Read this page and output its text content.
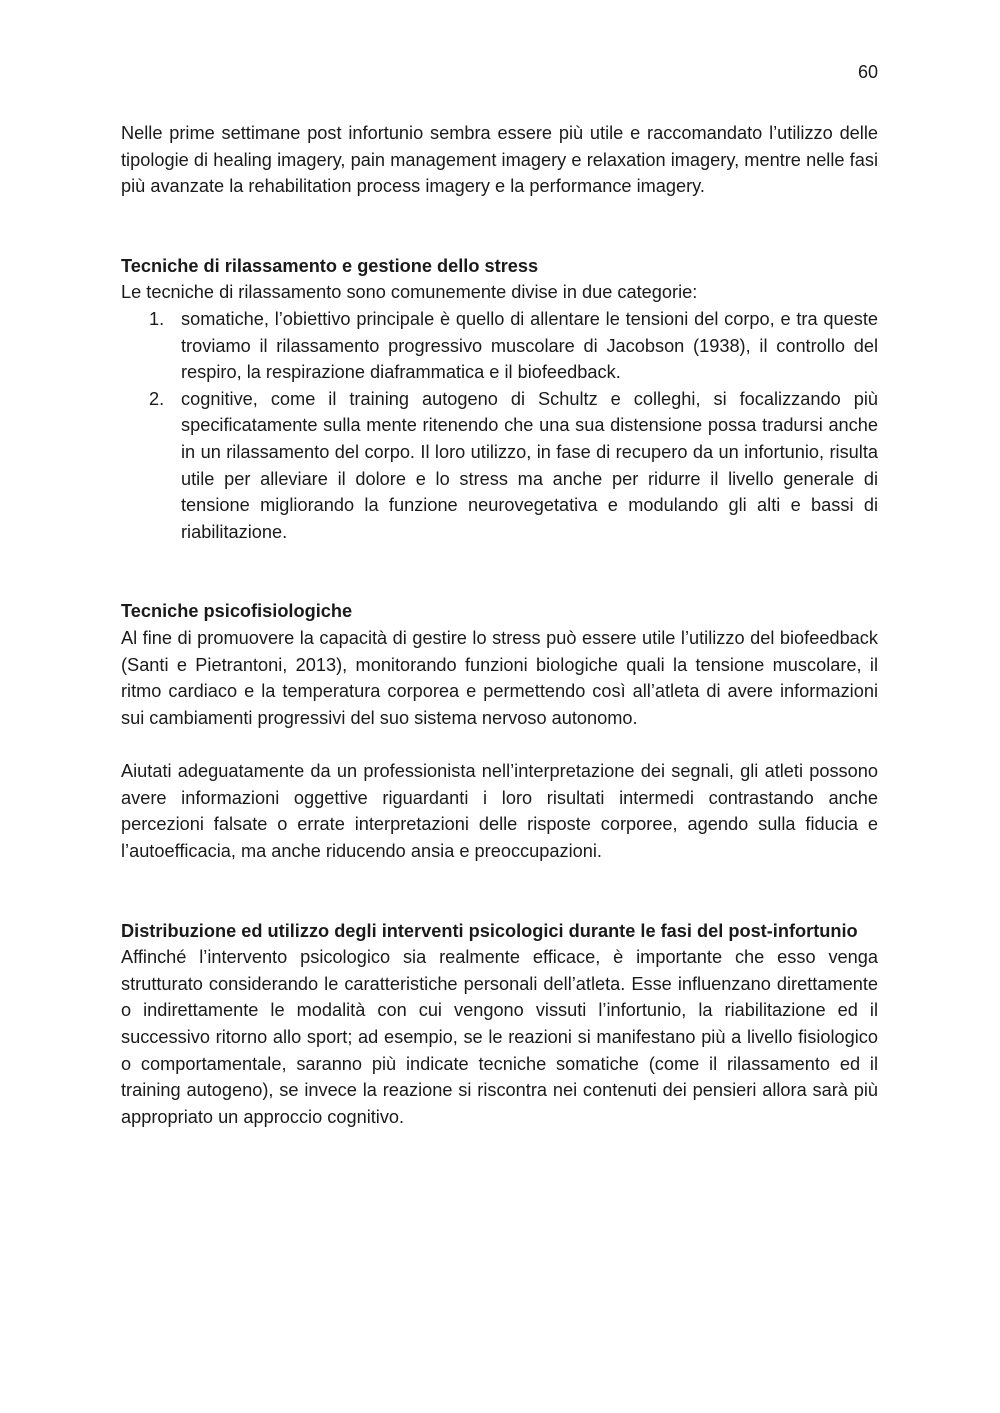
60

Nelle prime settimane post infortunio sembra essere più utile e raccomandato l’utilizzo delle tipologie di healing imagery, pain management imagery e relaxation imagery, mentre nelle fasi più avanzate la rehabilitation process imagery e la performance imagery.

Tecniche di rilassamento e gestione dello stress

Le tecniche di rilassamento sono comunemente divise in due categorie:

1. somatiche, l’obiettivo principale è quello di allentare le tensioni del corpo, e tra queste troviamo il rilassamento progressivo muscolare di Jacobson (1938), il controllo del respiro, la respirazione diaframmatica e il biofeedback.
2. cognitive, come il training autogeno di Schultz e colleghi, si focalizzando più specificatamente sulla mente ritenendo che una sua distensione possa tradursi anche in un rilassamento del corpo. Il loro utilizzo, in fase di recupero da un infortunio, risulta utile per alleviare il dolore e lo stress ma anche per ridurre il livello generale di tensione migliorando la funzione neurovegetativa e modulando gli alti e bassi di riabilitazione.
Tecniche psicofisiologiche

Al fine di promuovere la capacità di gestire lo stress può essere utile l’utilizzo del biofeedback (Santi e Pietrantoni, 2013), monitorando funzioni biologiche quali la tensione muscolare, il ritmo cardiaco e la temperatura corporea e permettendo così all’atleta di avere informazioni sui cambiamenti progressivi del suo sistema nervoso autonomo.

Aiutati adeguatamente da un professionista nell’interpretazione dei segnali, gli atleti possono avere informazioni oggettive riguardanti i loro risultati intermedi contrastando anche percezioni falsate o errate interpretazioni delle risposte corporee, agendo sulla fiducia e l’autoefficacia, ma anche riducendo ansia e preoccupazioni.

Distribuzione ed utilizzo degli interventi psicologici durante le fasi del post-infortunio

Affinché l’intervento psicologico sia realmente efficace, è importante che esso venga strutturato considerando le caratteristiche personali dell’atleta. Esse influenzano direttamente o indirettamente le modalità con cui vengono vissuti l’infortunio, la riabilitazione ed il successivo ritorno allo sport; ad esempio, se le reazioni si manifestano più a livello fisiologico o comportamentale, saranno più indicate tecniche somatiche (come il rilassamento ed il training autogeno), se invece la reazione si riscontra nei contenuti dei pensieri allora sarà più appropriato un approccio cognitivo.
